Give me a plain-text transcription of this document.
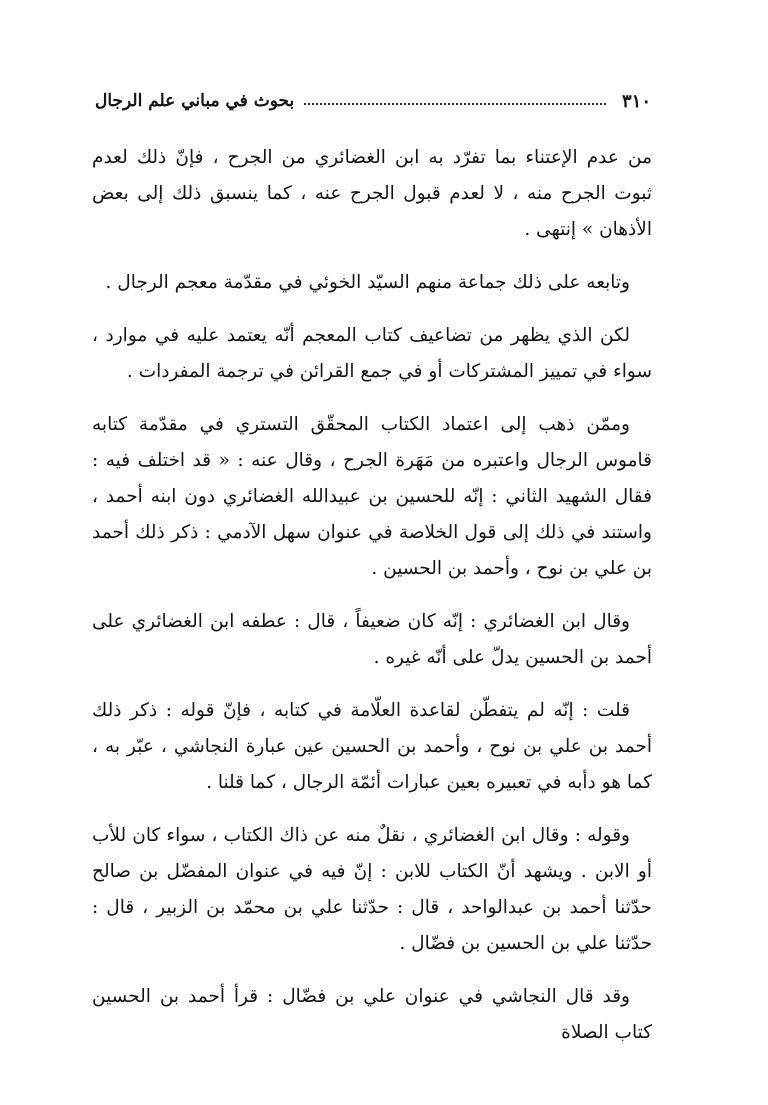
٣١٠
بحوث في مباني علم الرجال

من عدم الإعتناء بما تفرّد به ابن الغضائري من الجرح ، فإنّ ذلك لعدم ثبوت الجرح منه ، لا لعدم قبول الجرح عنه ، كما ينسبق ذلك إلى بعض الأذهان » إنتهى .

وتابعه على ذلك جماعة منهم السيّد الخوئي في مقدّمة معجم الرجال .

لكن الذي يظهر من تضاعيف كتاب المعجم أنّه يعتمد عليه في موارد ، سواء في تمييز المشتركات أو في جمع القرائن في ترجمة المفردات .

وممّن ذهب إلى اعتماد الكتاب المحقّق التستري في مقدّمة كتابه قاموس الرجال واعتبره من مَهَرة الجرح ، وقال عنه : « قد اختلف فيه : فقال الشهيد الثاني : إنّه للحسين بن عبيدالله الغضائري دون ابنه أحمد ، واستند في ذلك إلى قول الخلاصة في عنوان سهل الآدمي : ذكر ذلك أحمد بن علي بن نوح ، وأحمد بن الحسين .

وقال ابن الغضائري : إنّه كان ضعيفاً ، قال : عطفه ابن الغضائري على أحمد بن الحسين يدلّ على أنّه غيره .

قلت : إنّه لم يتفطّن لقاعدة العلّامة في كتابه ، فإنّ قوله : ذكر ذلك أحمد بن علي بن نوح ، وأحمد بن الحسين عين عبارة النجاشي ، عبّر به ، كما هو دأبه في تعبيره بعين عبارات أئمّة الرجال ، كما قلنا .

وقوله : وقال ابن الغضائري ، نقلٌ منه عن ذاك الكتاب ، سواء كان للأب أو الابن . ويشهد أنّ الكتاب للابن : إنّ فيه في عنوان المفضّل بن صالح حدّثنا أحمد بن عبدالواحد ، قال : حدّثنا علي بن محمّد بن الزبير ، قال : حدّثنا علي بن الحسين بن فضّال .

وقد قال النجاشي في عنوان علي بن فضّال : قرأ أحمد بن الحسين كتاب الصلاة
